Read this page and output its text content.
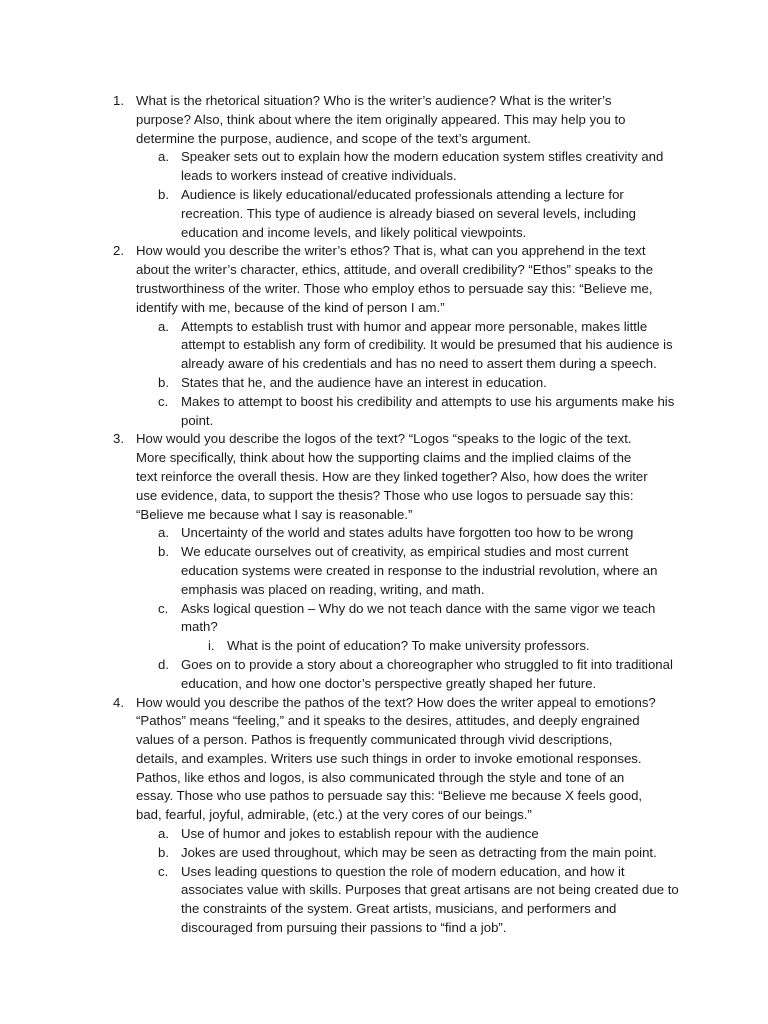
1. What is the rhetorical situation? Who is the writer’s audience? What is the writer’s purpose? Also, think about where the item originally appeared. This may help you to determine the purpose, audience, and scope of the text’s argument.
a. Speaker sets out to explain how the modern education system stifles creativity and leads to workers instead of creative individuals.
b. Audience is likely educational/educated professionals attending a lecture for recreation. This type of audience is already biased on several levels, including education and income levels, and likely political viewpoints.
2. How would you describe the writer’s ethos? That is, what can you apprehend in the text about the writer’s character, ethics, attitude, and overall credibility? “Ethos” speaks to the trustworthiness of the writer. Those who employ ethos to persuade say this: “Believe me, identify with me, because of the kind of person I am.”
a. Attempts to establish trust with humor and appear more personable, makes little attempt to establish any form of credibility. It would be presumed that his audience is already aware of his credentials and has no need to assert them during a speech.
b. States that he, and the audience have an interest in education.
c. Makes to attempt to boost his credibility and attempts to use his arguments make his point.
3. How would you describe the logos of the text? “Logos “speaks to the logic of the text. More specifically, think about how the supporting claims and the implied claims of the text reinforce the overall thesis. How are they linked together? Also, how does the writer use evidence, data, to support the thesis? Those who use logos to persuade say this: “Believe me because what I say is reasonable.”
a. Uncertainty of the world and states adults have forgotten too how to be wrong
b. We educate ourselves out of creativity, as empirical studies and most current education systems were created in response to the industrial revolution, where an emphasis was placed on reading, writing, and math.
c. Asks logical question – Why do we not teach dance with the same vigor we teach math?
i. What is the point of education? To make university professors.
d. Goes on to provide a story about a choreographer who struggled to fit into traditional education, and how one doctor’s perspective greatly shaped her future.
4. How would you describe the pathos of the text? How does the writer appeal to emotions? “Pathos” means “feeling,” and it speaks to the desires, attitudes, and deeply engrained values of a person. Pathos is frequently communicated through vivid descriptions, details, and examples. Writers use such things in order to invoke emotional responses. Pathos, like ethos and logos, is also communicated through the style and tone of an essay. Those who use pathos to persuade say this: “Believe me because X feels good, bad, fearful, joyful, admirable, (etc.) at the very cores of our beings.”
a. Use of humor and jokes to establish repour with the audience
b. Jokes are used throughout, which may be seen as detracting from the main point.
c. Uses leading questions to question the role of modern education, and how it associates value with skills. Purposes that great artisans are not being created due to the constraints of the system. Great artists, musicians, and performers and discouraged from pursuing their passions to “find a job”.
